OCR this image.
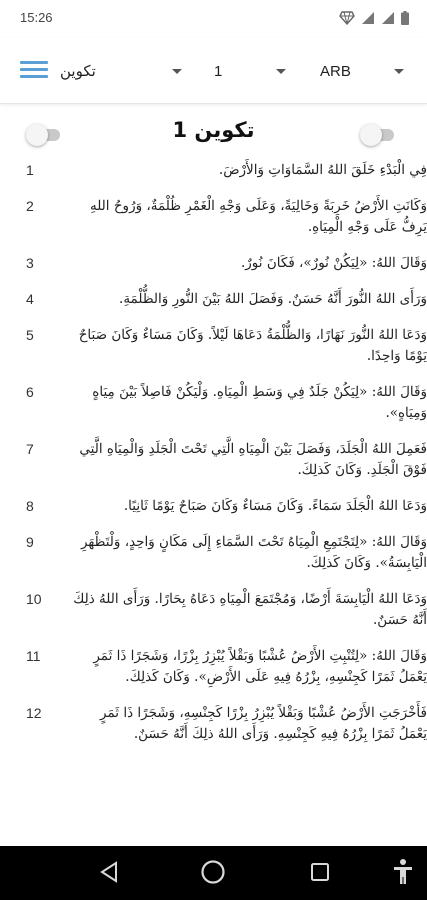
15:26
تكوين	1	ARB
تكوين 1
1	فِي الْبَدْءِ خَلَقَ اللهُ السَّمَاوَاتِ وَالأَرْضَ.
2	وَكَانَتِ الأَرْضُ خَرِبَةً وَخَالِيَةً، وَعَلَى وَجْهِ الْغَمْرِ ظُلْمَةٌ، وَرُوحُ اللهِ يَرِفُّ عَلَى وَجْهِ الْمِيَاهِ.
3	وَقَالَ اللهُ: «لِيَكُنْ نُورٌ»، فَكَانَ نُورٌ.
4	وَرَأَى اللهُ النُّورَ أَنَّهُ حَسَنٌ. وَفَصَلَ اللهُ بَيْنَ النُّورِ وَالظُّلْمَةِ.
5	وَدَعَا اللهُ النُّورَ نَهَارًا، وَالظُّلْمَةُ دَعَاهَا لَيْلاً. وَكَانَ مَسَاءٌ وَكَانَ صَبَاحٌ يَوْمًا وَاحِدًا.
6	وَقَالَ اللهُ: «لِيَكُنْ جَلَدٌ فِي وَسَطِ الْمِيَاهِ. وَلْيَكُنْ فَاصِلاً بَيْنَ مِيَاهٍ وَمِيَاهٍ».
7	فَعَمِلَ اللهُ الْجَلَدَ، وَفَصَلَ بَيْنَ الْمِيَاهِ الَّتِي تَحْتَ الْجَلَدِ وَالْمِيَاهِ الَّتِي فَوْقَ الْجَلَدِ. وَكَانَ كَذلِكَ.
8	وَدَعَا اللهُ الْجَلَدَ سَمَاءً. وَكَانَ مَسَاءٌ وَكَانَ صَبَاحٌ يَوْمًا ثَانِيًا.
9	وَقَالَ اللهُ: «لِتَجْتَمِعِ الْمِيَاهُ تَحْتَ السَّمَاءِ إِلَى مَكَانٍ وَاحِدٍ، وَلْتَظْهَرِ الْيَابِسَةُ». وَكَانَ كَذلِكَ.
10	وَدَعَا اللهُ الْيَابِسَةَ أَرْضًا، وَمُجْتَمَعَ الْمِيَاهِ دَعَاهُ بِحَارًا. وَرَأَى اللهُ ذلِكَ أَنَّهُ حَسَنٌ.
11	وَقَالَ اللهُ: «لِتُنْبِتِ الأَرْضُ عُشْبًا وَبَقْلاً يُبْزِرُ بِزْرًا، وَشَجَرًا ذَا ثَمَرٍ يَعْمَلُ ثَمَرًا كَجِنْسِهِ، بِزْرُهُ فِيهِ عَلَى الأَرْضِ». وَكَانَ كَذلِكَ.
12	فَأَخْرَجَتِ الأَرْضُ عُشْبًا وَبَقْلاً يُبْزِرُ بِزْرًا كَجِنْسِهِ، وَشَجَرًا ذَا ثَمَرٍ يَعْمَلُ ثَمَرًا بِزْرُهُ فِيهِ كَجِنْسِهِ. وَرَأَى اللهُ ذلِكَ أَنَّهُ حَسَنٌ.
